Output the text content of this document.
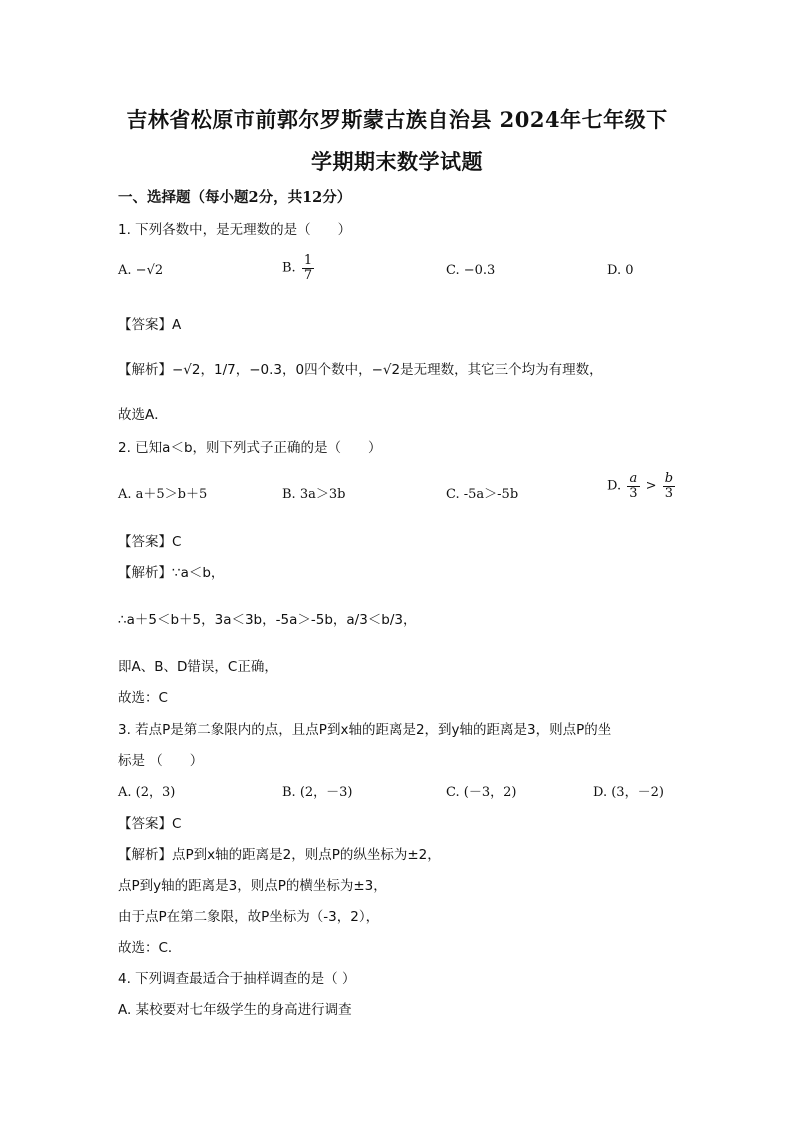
吉林省松原市前郭尔罗斯蒙古族自治县 2024年七年级下
学期期末数学试题
一、选择题（每小题2分，共12分）
1. 下列各数中，是无理数的是（　　）
A. −√2	B. $\frac{1}{7}$	C. −0.3	D. 0
【答案】A
【解析】−√2，1/7，−0.3，0四个数中，−√2是无理数，其它三个均为有理数，
故选A．
2. 已知a＜b，则下列式子正确的是（　　）
A. a＋5＞b＋5	B. 3a＞3b	C. -5a＞-5b
D. $\frac{a}{3} > \frac{b}{3}$
【答案】C
【解析】∵a＜b，
∴a＋5＜b＋5，3a＜3b，-5a＞-5b，a/3＜b/3，
即A、B、D错误，C正确，
故选：C
3. 若点P是第二象限内的点，且点P到x轴的距离是2，到y轴的距离是3，则点P的坐
标是 （　　）
A. (2，3)	B. (2，－3)	C. (－3，2)	D. (3，－2)
【答案】C
【解析】点P到x轴的距离是2，则点P的纵坐标为±2，
点P到y轴的距离是3，则点P的横坐标为±3，
由于点P在第二象限，故P坐标为（-3，2），
故选：C．
4. 下列调查最适合于抽样调查的是（ ）
A. 某校要对七年级学生的身高进行调查
